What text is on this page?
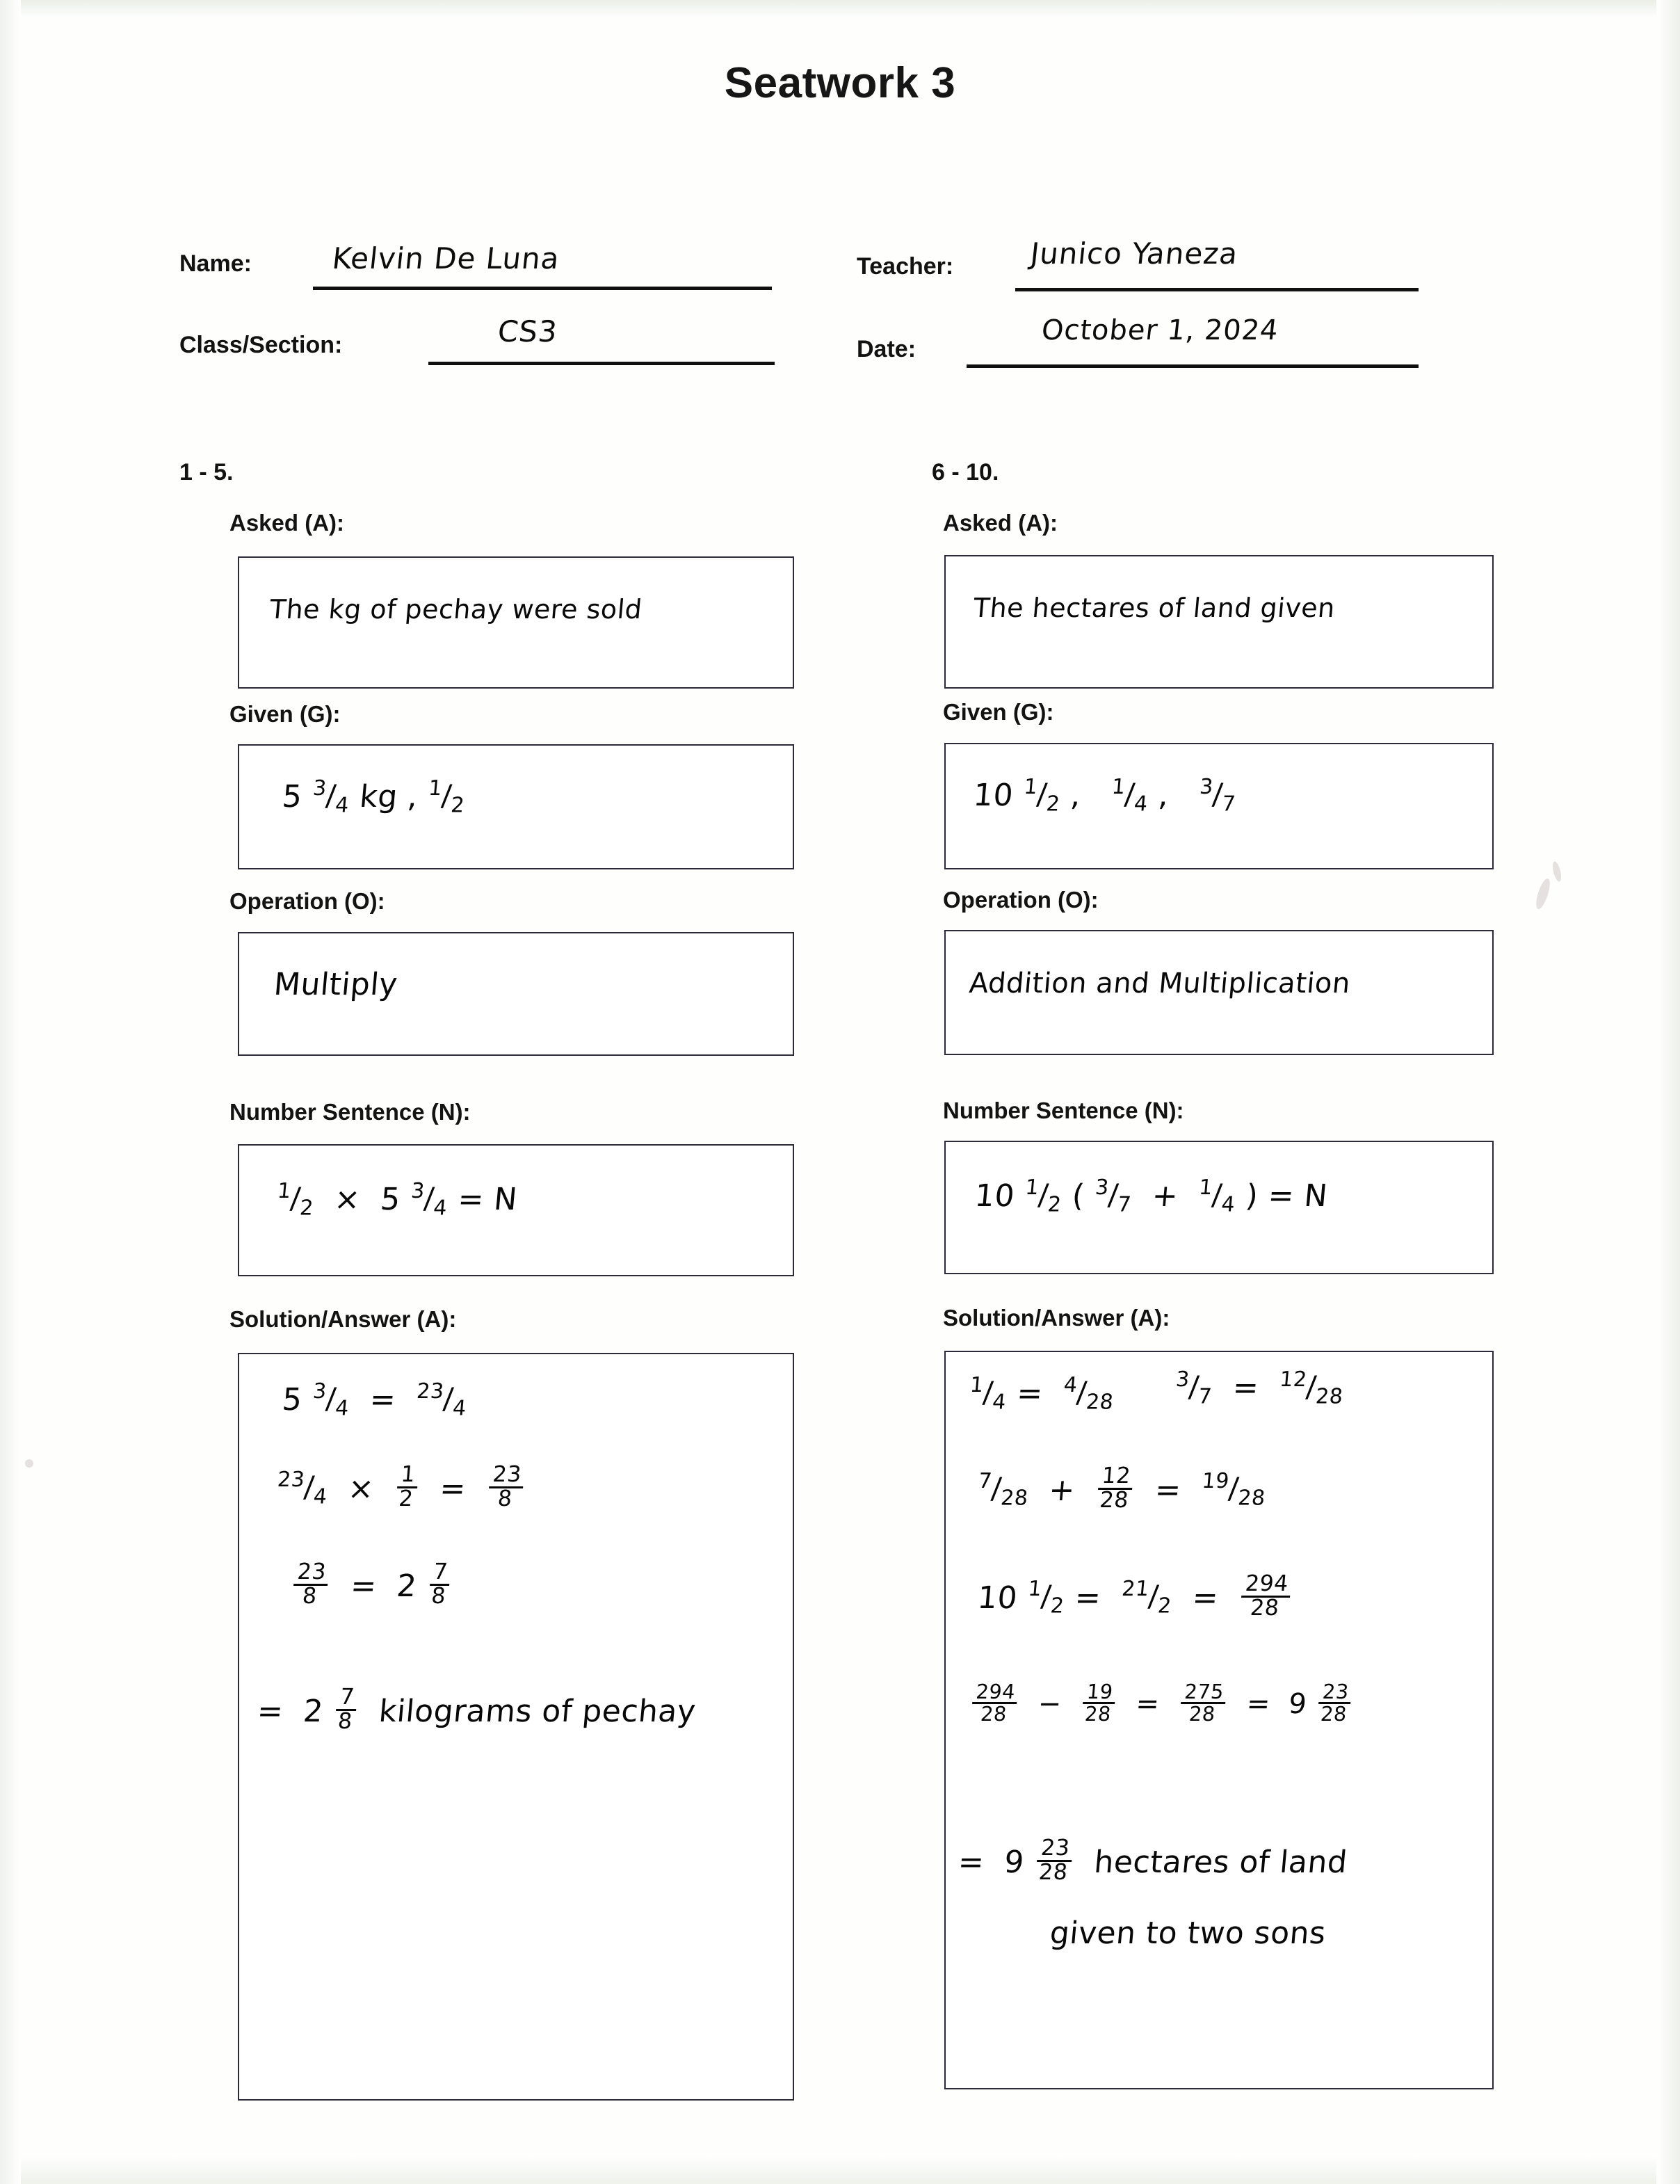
Seatwork 3
Name:	Kelvin De Luna	Teacher:	Junico Yaneza
Class/Section:	CS3
Date:
October 1, 2024
1 - 5.
Asked (A):
The kg of pechay were sold
Given (G):
5 $^3/_4$ kg , $^1/_2$
Operation (O):
Multiply
Number Sentence (N):
$^1/_2 \times 5$ $^3/_4 = N$
Solution/Answer (A):
5 $^3/_4 = ^{23}/_4$
$^{23}/_4 \times \frac{1}{2} = \frac{23}{8}$
$\frac{23}{8} = 2 \frac{7}{8}$
=  $2 \frac{7}{8}$ kilograms of pechay
6 - 10.
Asked (A):
The hectares of land given
Given (G):
10 $^1/_2$ ,   $^1/_4$ ,   $^3/_7$
Operation (O):
Addition and Multiplication
Number Sentence (N):
10 $^1/_2$ ( $^3/_7 + ^1/_4$ ) = N
Solution/Answer (A):
$^1/_4 = ^4/_{28}$
$^3/_7 = ^{12}/_{28}$
$^7/_{28} + \frac{12}{28} = ^{19}/_{28}$
10 $^1/_2 = ^{21}/_2 = \frac{294}{28}$
$\frac{294}{28} - \frac{19}{28} = \frac{275}{28} = 9 \frac{23}{28}$
=  $9 \frac{23}{28}$ hectares of land
given to two sons
